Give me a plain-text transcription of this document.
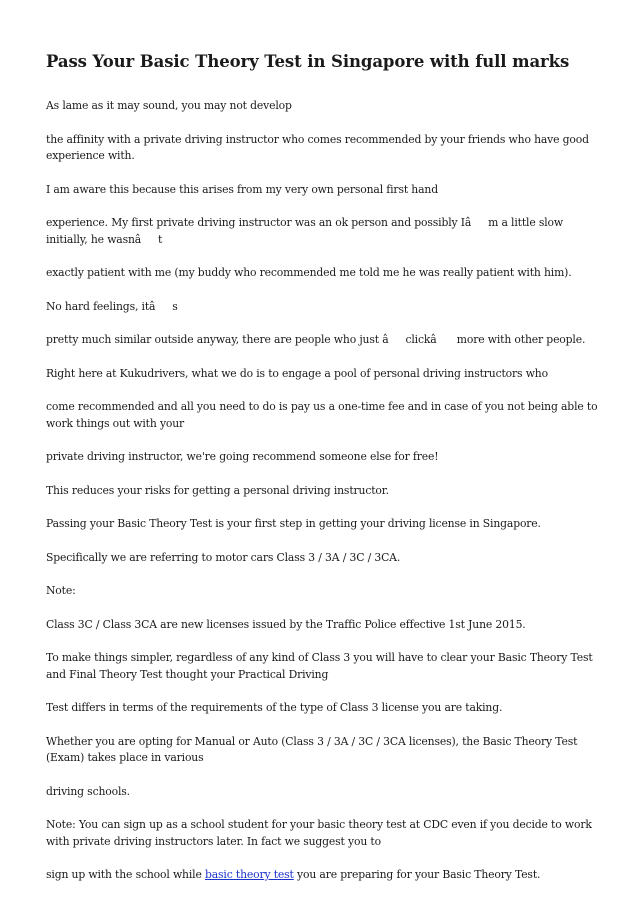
Pass Your Basic Theory Test in Singapore with full marks

As lame as it may sound, you may not develop

the affinity with a private driving instructor who comes recommended by your friends who have good experience with.

I am aware this because this arises from my very own personal first hand

experience. My first private driving instructor was an ok person and possibly Iâm a little slow initially, he wasnât

exactly patient with me (my buddy who recommended me told me he was really patient with him).

No hard feelings, itâs

pretty much similar outside anyway, there are people who just âclickâ more with other people.

Right here at Kukudrivers, what we do is to engage a pool of personal driving instructors who

come recommended and all you need to do is pay us a one-time fee and in case of you not being able to work things out with your

private driving instructor, we're going recommend someone else for free!

This reduces your risks for getting a personal driving instructor.

Passing your Basic Theory Test is your first step in getting your driving license in Singapore.

Specifically we are referring to motor cars Class 3 / 3A / 3C / 3CA.

Note:

Class 3C / Class 3CA are new licenses issued by the Traffic Police effective 1st June 2015.

To make things simpler, regardless of any kind of Class 3 you will have to clear your Basic Theory Test and Final Theory Test thought your Practical Driving

Test differs in terms of the requirements of the type of Class 3 license you are taking.

Whether you are opting for Manual or Auto (Class 3 / 3A / 3C / 3CA licenses), the Basic Theory Test (Exam) takes place in various

driving schools.

Note: You can sign up as a school student for your basic theory test at CDC even if you decide to work with private driving instructors later. In fact we suggest you to

sign up with the school while basic theory test you are preparing for your Basic Theory Test.
